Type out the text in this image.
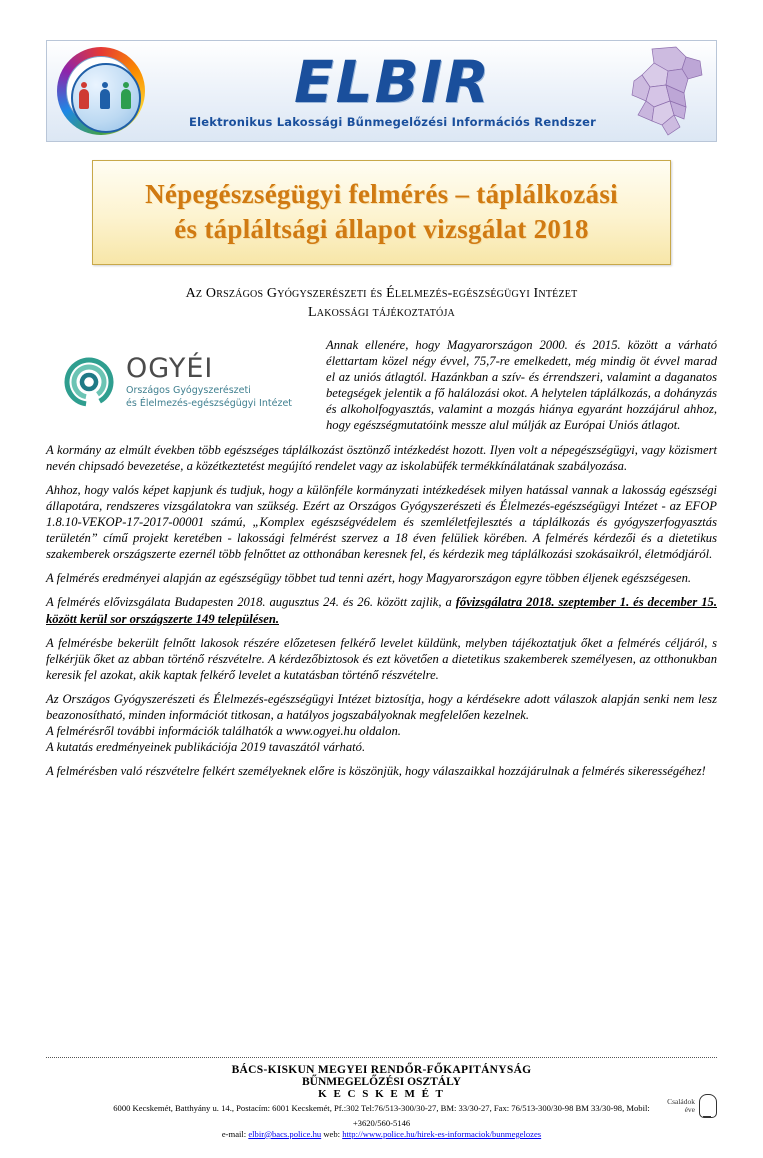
ELBIR
Elektronikus Lakossági Bűnmegelőzési Információs Rendszer
Népegészségügyi felmérés – táplálkozási
és tápláltsági állapot vizsgálat 2018
Az Országos Gyógyszerészeti és Élelmezés-egészségügyi Intézet
Lakossági tájékoztatója
OGYÉI
Országos Gyógyszerészeti
és Élelmezés-egészségügyi Intézet

Annak ellenére, hogy Magyarországon 2000. és 2015. között a várható élettartam közel négy évvel, 75,7-re emelkedett, még mindig öt évvel marad el az uniós átlagtól. Hazánkban a szív- és érrendszeri, valamint a daganatos betegségek jelentik a fő halálozási okot. A helytelen táplálkozás, a dohányzás és alkoholfogyasztás, valamint a mozgás hiánya egyaránt hozzájárul ahhoz, hogy egészségmutatóink messze alul múlják az Európai Uniós átlagot.

A kormány az elmúlt években több egészséges táplálkozást ösztönző intézkedést hozott. Ilyen volt a népegészségügyi, vagy közismert nevén chipsadó bevezetése, a közétkeztetést megújító rendelet vagy az iskolabüfék termékkínálatának szabályozása.

Ahhoz, hogy valós képet kapjunk és tudjuk, hogy a különféle kormányzati intézkedések milyen hatással vannak a lakosság egészségi állapotára, rendszeres vizsgálatokra van szükség. Ezért az Országos Gyógyszerészeti és Élelmezés-egészségügyi Intézet - az EFOP 1.8.10-VEKOP-17-2017-00001 számú, „Komplex egészségvédelem és szemléletfejlesztés a táplálkozás és gyógyszerfogyasztás területén” című projekt keretében - lakossági felmérést szervez a 18 éven felüliek körében. A felmérés kérdezői és a dietetikus szakemberek országszerte ezernél több felnőttet az otthonában keresnek fel, és kérdezik meg táplálkozási szokásaikról, életmódjáról.

A felmérés eredményei alapján az egészségügy többet tud tenni azért, hogy Magyarországon egyre többen éljenek egészségesen.

A felmérés elővizsgálata Budapesten 2018. augusztus 24. és 26. között zajlik, a fővizsgálatra 2018. szeptember 1. és december 15. között kerül sor országszerte 149 településen.

A felmérésbe bekerült felnőtt lakosok részére előzetesen felkérő levelet küldünk, melyben tájékoztatjuk őket a felmérés céljáról, s felkérjük őket az abban történő részvételre. A kérdezőbiztosok és ezt követően a dietetikus szakemberek személyesen, az otthonukban keresik fel azokat, akik kaptak felkérő levelet a kutatásban történő részvételre.

Az Országos Gyógyszerészeti és Élelmezés-egészségügyi Intézet biztosítja, hogy a kérdésekre adott válaszok alapján senki nem lesz beazonosítható, minden információt titkosan, a hatályos jogszabályoknak megfelelően kezelnek.

A felmérésről további információk találhatók a www.ogyei.hu oldalon.

A kutatás eredményeinek publikációja 2019 tavaszától várható.

A felmérésben való részvételre felkért személyeknek előre is köszönjük, hogy válaszaikkal hozzájárulnak a felmérés sikerességéhez!

BÁCS-KISKUN MEGYEI RENDŐR-FŐKAPITÁNYSÁG
BŰNMEGELŐZÉSI OSZTÁLY
K E C S K E M É T
6000 Kecskemét, Batthyány u. 14., Postacím: 6001 Kecskemét, Pf.:302 Tel:76/513-300/30-27, BM: 33/30-27, Fax: 76/513-300/30-98 BM 33/30-98, Mobil:
+3620/560-5146
e-mail: elbir@bacs.police.hu web: http://www.police.hu/hirek-es-informaciok/bunmegelozes
Családok
éve
